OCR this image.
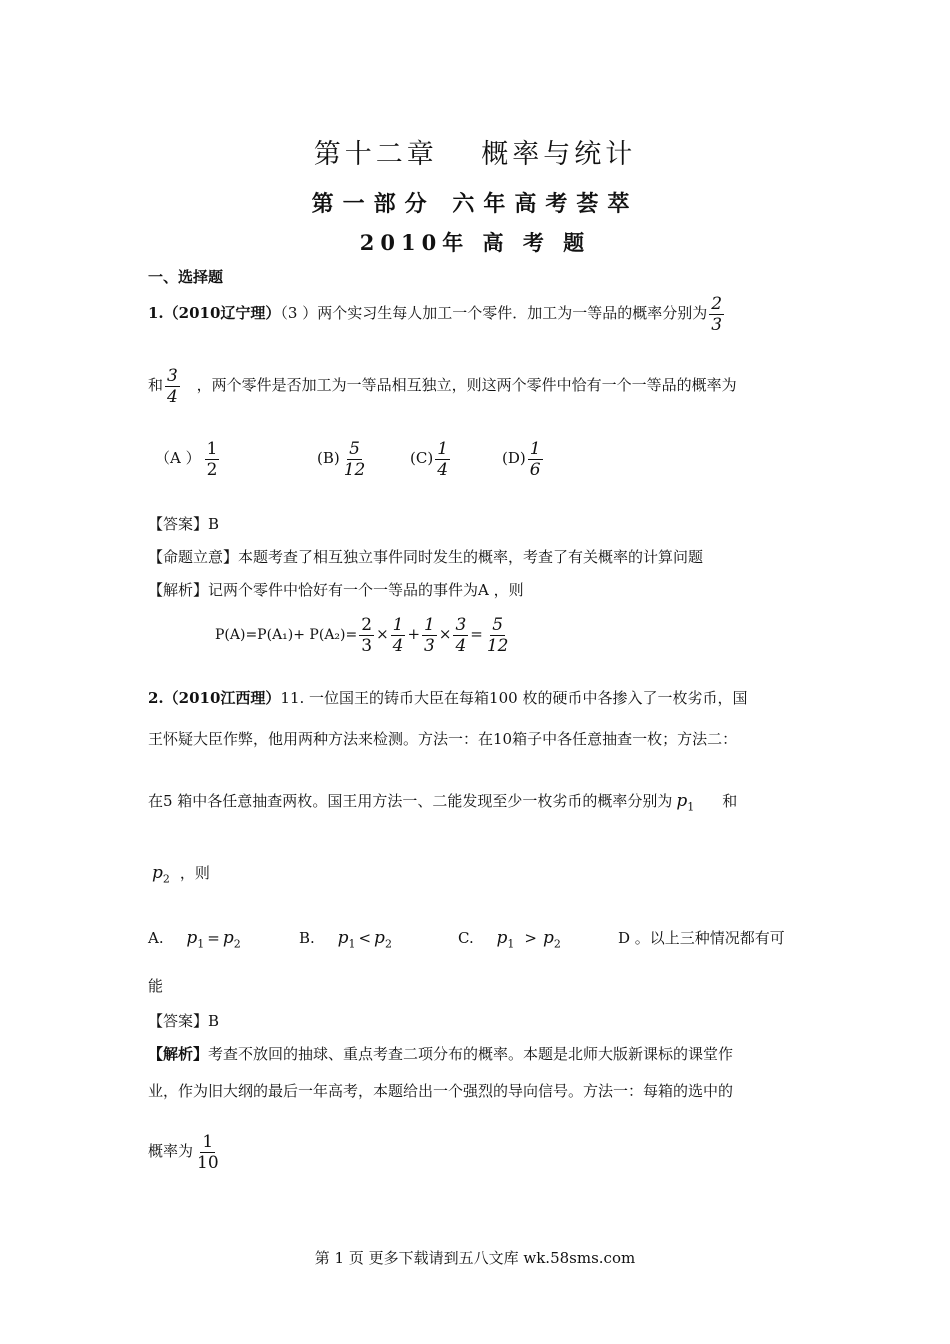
第十二章　 概率与统计
第一部分 六年高考荟萃
2010年 高 考 题
一、选择题
1.（2010辽宁理）（3 ）两个实习生每人加工一个零件．加工为一等品的概率分别为 $\frac{2}{3}$
和 $\frac{3}{4}$ ，两个零件是否加工为一等品相互独立，则这两个零件中恰有一个一等品的概率为
（A ） $\frac{1}{2}$	$(B) \frac{5}{12}$	$(C) \frac{1}{4}$	$(D) \frac{1}{6}$
【答案】B
【命题立意】本题考查了相互独立事件同时发生的概率，考查了有关概率的计算问题
【解析】记两个零件中恰好有一个一等品的事件为A ，则
$P(A)=P(A_1)+ P(A_2)= \frac{2}{3} \times \frac{1}{4} + \frac{1}{3} \times \frac{3}{4} = \frac{5}{12}$
2.（2010江西理）11. 一位国王的铸币大臣在每箱100 枚的硬币中各掺入了一枚劣币，国
王怀疑大臣作弊，他用两种方法来检测。方法一：在10箱子中各任意抽查一枚；方法二：
在5 箱中各任意抽查两枚。国王用方法一、二能发现至少一枚劣币的概率分别为 $p_1$ 和
$p_2$ ，则
A. $p_1 = p_2$	B. $p_1 < p_2$	C. $p_1 > p_2$	D 。以上三种情况都有可
能
【答案】B
【解析】考查不放回的抽球、重点考查二项分布的概率。本题是北师大版新课标的课堂作
业，作为旧大纲的最后一年高考，本题给出一个强烈的导向信号。方法一：每箱的选中的
概率为 $\frac{1}{10}$
第 1 页 更多下载请到五八文库 wk.58sms.com
